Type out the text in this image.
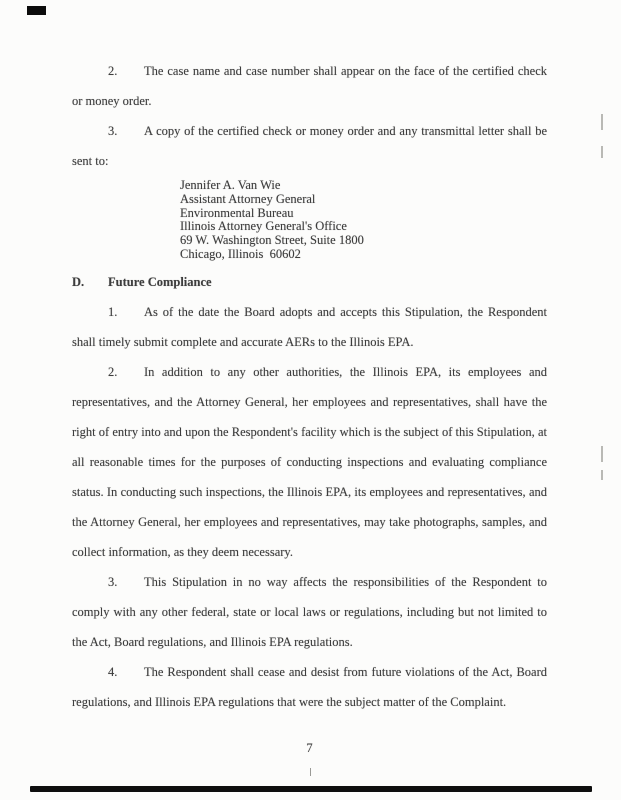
2. The case name and case number shall appear on the face of the certified check or money order.

3. A copy of the certified check or money order and any transmittal letter shall be sent to:

Jennifer A. Van Wie
Assistant Attorney General
Environmental Bureau
Illinois Attorney General's Office
69 W. Washington Street, Suite 1800
Chicago, Illinois  60602

D. Future Compliance

1. As of the date the Board adopts and accepts this Stipulation, the Respondent shall timely submit complete and accurate AERs to the Illinois EPA.

2. In addition to any other authorities, the Illinois EPA, its employees and representatives, and the Attorney General, her employees and representatives, shall have the right of entry into and upon the Respondent's facility which is the subject of this Stipulation, at all reasonable times for the purposes of conducting inspections and evaluating compliance status. In conducting such inspections, the Illinois EPA, its employees and representatives, and the Attorney General, her employees and representatives, may take photographs, samples, and collect information, as they deem necessary.

3. This Stipulation in no way affects the responsibilities of the Respondent to comply with any other federal, state or local laws or regulations, including but not limited to the Act, Board regulations, and Illinois EPA regulations.

4. The Respondent shall cease and desist from future violations of the Act, Board regulations, and Illinois EPA regulations that were the subject matter of the Complaint.

7
